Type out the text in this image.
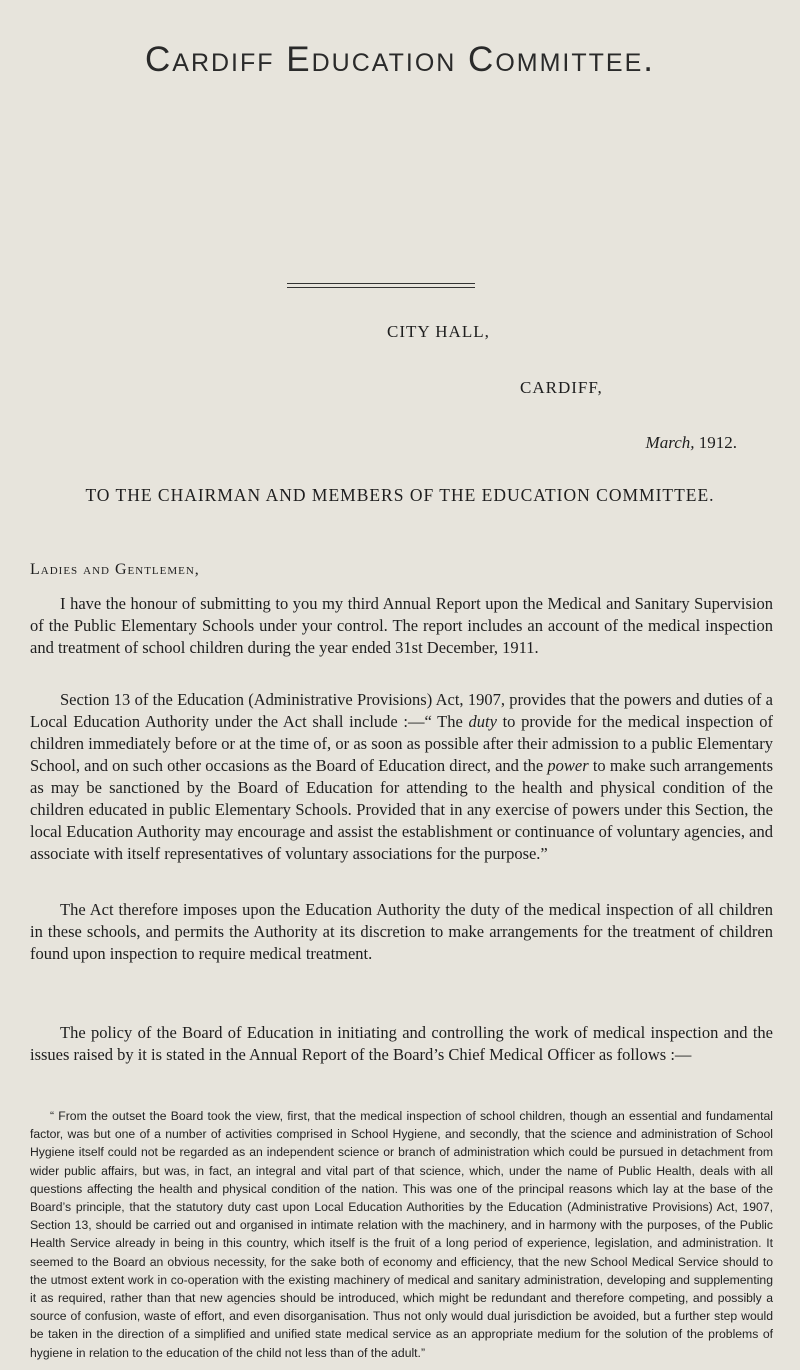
Cardiff Education Committee.
CITY HALL,
CARDIFF,
March, 1912.
TO THE CHAIRMAN AND MEMBERS OF THE EDUCATION COMMITTEE.
Ladies and Gentlemen,
I have the honour of submitting to you my third Annual Report upon the Medical and Sanitary Supervision of the Public Elementary Schools under your control. The report includes an account of the medical inspection and treatment of school children during the year ended 31st December, 1911.
Section 13 of the Education (Administrative Provisions) Act, 1907, provides that the powers and duties of a Local Education Authority under the Act shall include :—“ The duty to provide for the medical inspection of children immediately before or at the time of, or as soon as possible after their admission to a public Elementary School, and on such other occasions as the Board of Education direct, and the power to make such arrangements as may be sanctioned by the Board of Education for attending to the health and physical condition of the children educated in public Elementary Schools. Provided that in any exercise of powers under this Section, the local Education Authority may encourage and assist the establishment or continuance of voluntary agencies, and associate with itself representatives of voluntary associations for the purpose.”
The Act therefore imposes upon the Education Authority the duty of the medical inspection of all children in these schools, and permits the Authority at its discretion to make arrangements for the treatment of children found upon inspection to require medical treatment.
The policy of the Board of Education in initiating and controlling the work of medical inspection and the issues raised by it is stated in the Annual Report of the Board’s Chief Medical Officer as follows :—
“ From the outset the Board took the view, first, that the medical inspection of school children, though an essential and fundamental factor, was but one of a number of activities comprised in School Hygiene, and secondly, that the science and administration of School Hygiene itself could not be regarded as an independent science or branch of administration which could be pursued in detachment from wider public affairs, but was, in fact, an integral and vital part of that science, which, under the name of Public Health, deals with all questions affecting the health and physical condition of the nation. This was one of the principal reasons which lay at the base of the Board’s principle, that the statutory duty cast upon Local Education Authorities by the Education (Administrative Provisions) Act, 1907, Section 13, should be carried out and organised in intimate relation with the machinery, and in harmony with the purposes, of the Public Health Service already in being in this country, which itself is the fruit of a long period of experience, legislation, and administration. It seemed to the Board an obvious necessity, for the sake both of economy and efficiency, that the new School Medical Service should to the utmost extent work in co-operation with the existing machinery of medical and sanitary administration, developing and supplementing it as required, rather than that new agencies should be introduced, which might be redundant and therefore competing, and possibly a source of confusion, waste of effort, and even disorganisation. Thus not only would dual jurisdiction be avoided, but a further step would be taken in the direction of a simplified and unified state medical service as an appropriate medium for the solution of the problems of hygiene in relation to the education of the child not less than of the adult.”
